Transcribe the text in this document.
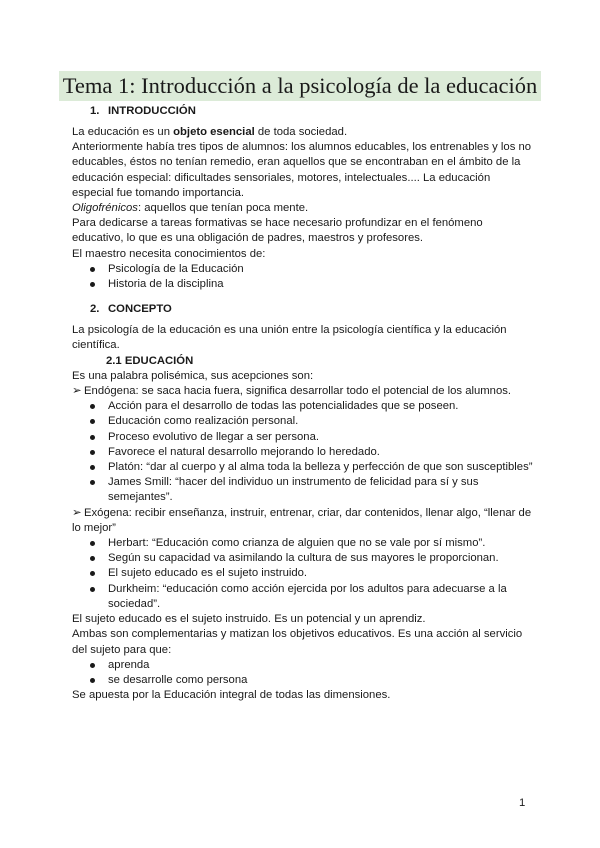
Tema 1: Introducción a la psicología de la educación
1. INTRODUCCIÓN
La educación es un objeto esencial de toda sociedad.
Anteriormente había tres tipos de alumnos: los alumnos educables, los entrenables y los no educables, éstos no tenían remedio, eran aquellos que se encontraban en el ámbito de la educación especial: dificultades sensoriales, motores, intelectuales.... La educación especial fue tomando importancia.
Oligofrénicos: aquellos que tenían poca mente.
Para dedicarse a tareas formativas se hace necesario profundizar en el fenómeno educativo, lo que es una obligación de padres, maestros y profesores.
El maestro necesita conocimientos de:
Psicología de la Educación
Historia de la disciplina
2. CONCEPTO
La psicología de la educación es una unión entre la psicología científica y la educación científica.
2.1 EDUCACIÓN
Es una palabra polisémica, sus acepciones son:
➢ Endógena: se saca hacia fuera, significa desarrollar todo el potencial de los alumnos.
Acción para el desarrollo de todas las potencialidades que se poseen.
Educación como realización personal.
Proceso evolutivo de llegar a ser persona.
Favorece el natural desarrollo mejorando lo heredado.
Platón: “dar al cuerpo y al alma toda la belleza y perfección de que son susceptibles”
James Smill: “hacer del individuo un instrumento de felicidad para sí y sus semejantes”.
➢ Exógena: recibir enseñanza, instruir, entrenar, criar, dar contenidos, llenar algo, “llenar de lo mejor”
Herbart: “Educación como crianza de alguien que no se vale por sí mismo”.
Según su capacidad va asimilando la cultura de sus mayores le proporcionan.
El sujeto educado es el sujeto instruido.
Durkheim: “educación como acción ejercida por los adultos para adecuarse a la sociedad”.
El sujeto educado es el sujeto instruido. Es un potencial y un aprendiz.
Ambas son complementarias y matizan los objetivos educativos. Es una acción al servicio del sujeto para que:
aprenda
se desarrolle como persona
Se apuesta por la Educación integral de todas las dimensiones.
1
